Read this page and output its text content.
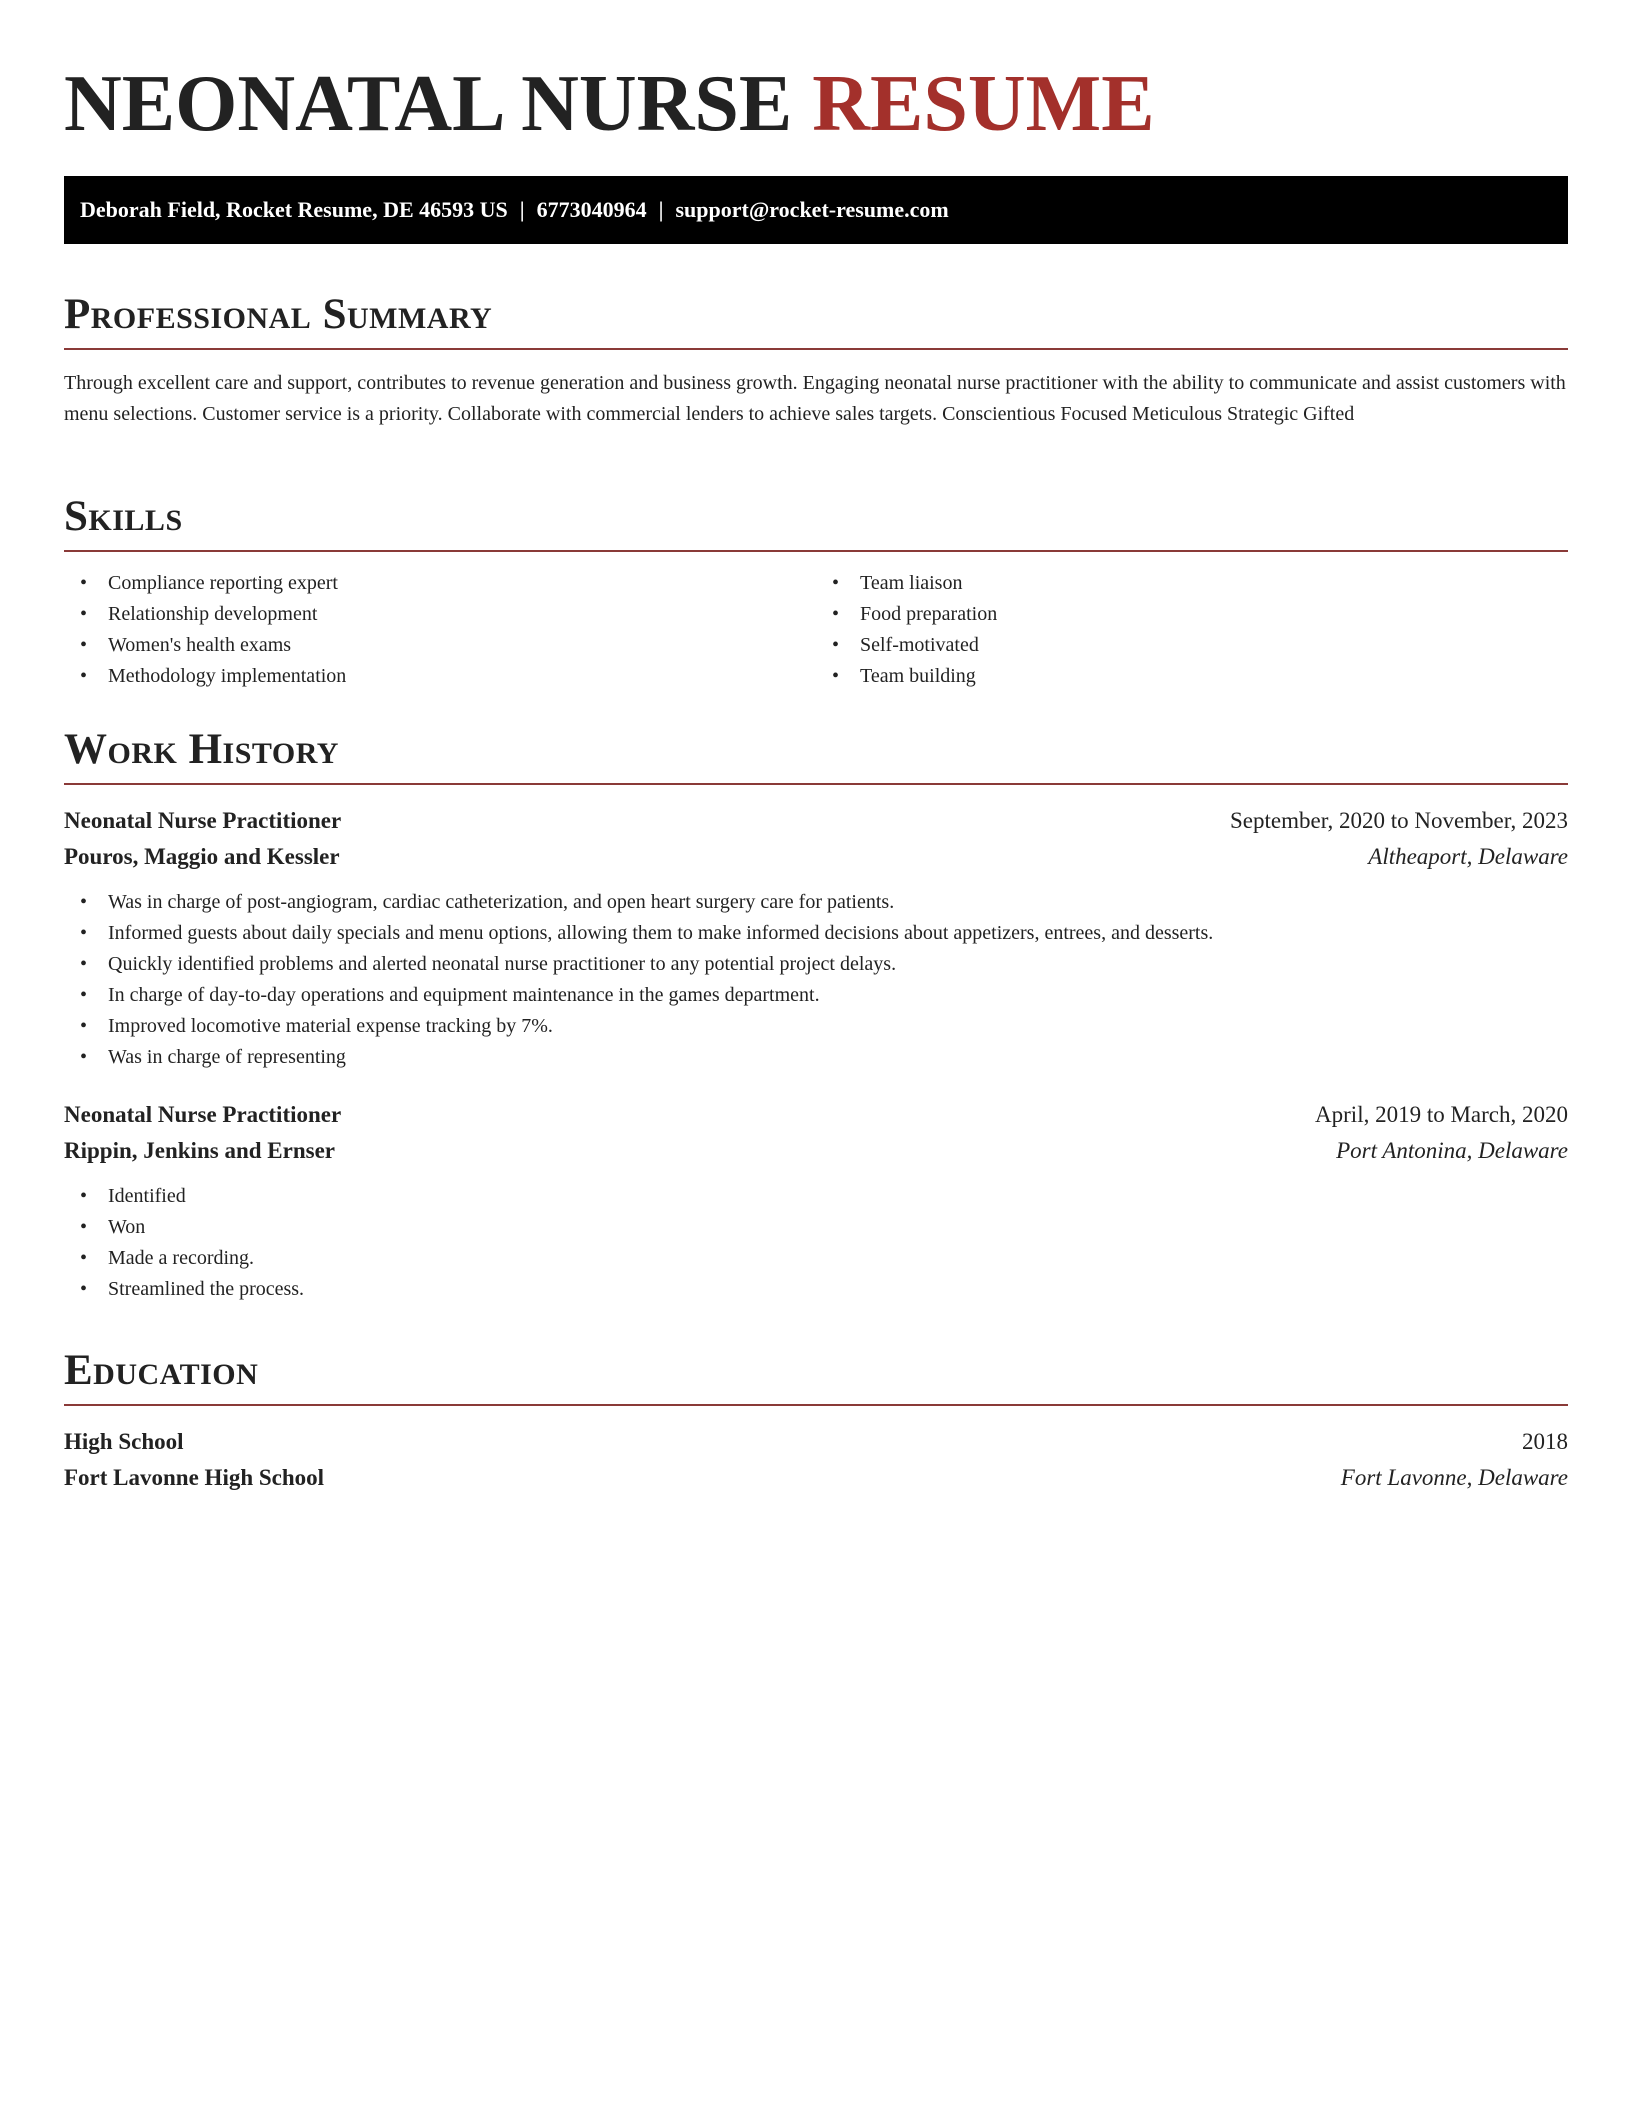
NEONATAL NURSE RESUME
Deborah Field, Rocket Resume, DE 46593 US | 6773040964 | support@rocket-resume.com
Professional Summary

Through excellent care and support, contributes to revenue generation and business growth. Engaging neonatal nurse practitioner with the ability to communicate and assist customers with menu selections. Customer service is a priority. Collaborate with commercial lenders to achieve sales targets. Conscientious Focused Meticulous Strategic Gifted

Skills
• Compliance reporting expert
• Relationship development
• Women's health exams
• Methodology implementation
• Team liaison
• Food preparation
• Self-motivated
• Team building
Work History
Neonatal Nurse Practitioner	September, 2020 to November, 2023
Pouros, Maggio and Kessler	Altheaport, Delaware
• Was in charge of post-angiogram, cardiac catheterization, and open heart surgery care for patients.
• Informed guests about daily specials and menu options, allowing them to make informed decisions about appetizers, entrees, and desserts.
• Quickly identified problems and alerted neonatal nurse practitioner to any potential project delays.
• In charge of day-to-day operations and equipment maintenance in the games department.
• Improved locomotive material expense tracking by 7%.
• Was in charge of representing
Neonatal Nurse Practitioner	April, 2019 to March, 2020
Rippin, Jenkins and Ernser	Port Antonina, Delaware
• Identified
• Won
• Made a recording.
• Streamlined the process.
Education
High School	2018
Fort Lavonne High School	Fort Lavonne, Delaware
